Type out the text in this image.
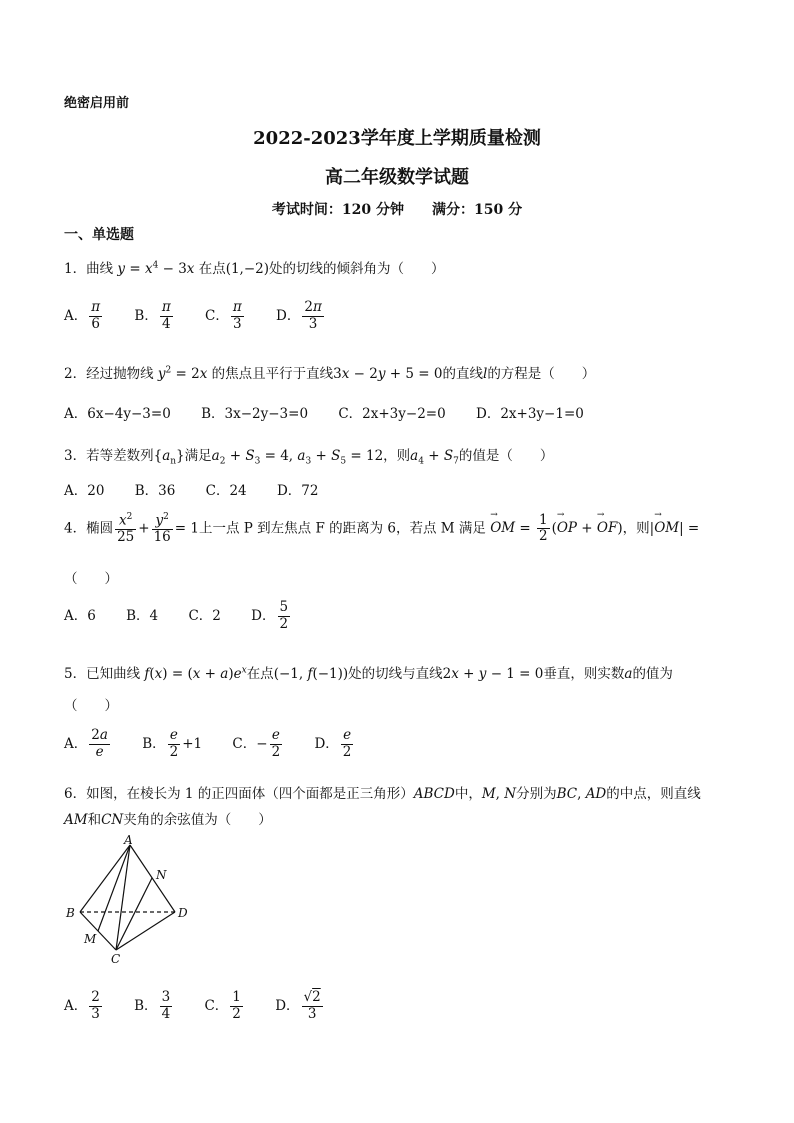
绝密启用前
2022-2023学年度上学期质量检测
高二年级数学试题
考试时间：120 分钟　　满分：150 分
一、单选题
1．曲线 $y = x^4 - 3x$ 在点(1,−2)处的切线的倾斜角为（　　）
A． $\frac{\pi}{6}$ B． $\frac{\pi}{4}$ C． $\frac{\pi}{3}$ D． $\frac{2\pi}{3}$
2．经过抛物线 $y^2 = 2x$ 的焦点且平行于直线3x − 2y + 5 = 0的直线l的方程是（　　）
A．6x−4y−3=0 B．3x−2y−3=0 C．2x+3y−2=0 D．2x+3y−1=0
3．若等差数列$\{a_n\}$满足$a_2 + S_3 = 4$, $a_3 + S_5 = 12$，则$a_4 + S_7$的值是（　　）
A．20 B．36 C．24 D．72
4．椭圆 $\frac{x^2}{25} + \frac{y^2}{16} = 1$上一点 P 到左焦点 F 的距离为 6，若点 M 满足
→
OM = $\frac{1}{2}$ (
→
OP +
→
OF)，则|
→
OM| =
（　　）
A．6 B．4 C．2 D． $\frac{5}{2}$
5．已知曲线 $f(x) = (x + a)e^x$在点(−1, f(−1))处的切线与直线2x + y − 1 = 0垂直，则实数a的值为
（　　）
A． $\frac{2a}{e}$ B． $\frac{e}{2} +1$ C．− $\frac{e}{2}$ D． $\frac{e}{2}$
6．如图，在棱长为 1 的正四面体（四个面都是正三角形）ABCD中，M, N分别为BC, AD的中点，则直线
AM和CN夹角的余弦值为（　　）
A
B
C
D
M
N
A． $\frac{2}{3}$ B． $\frac{3}{4}$ C． $\frac{1}{2}$ D． $\frac{√2}{3}$
